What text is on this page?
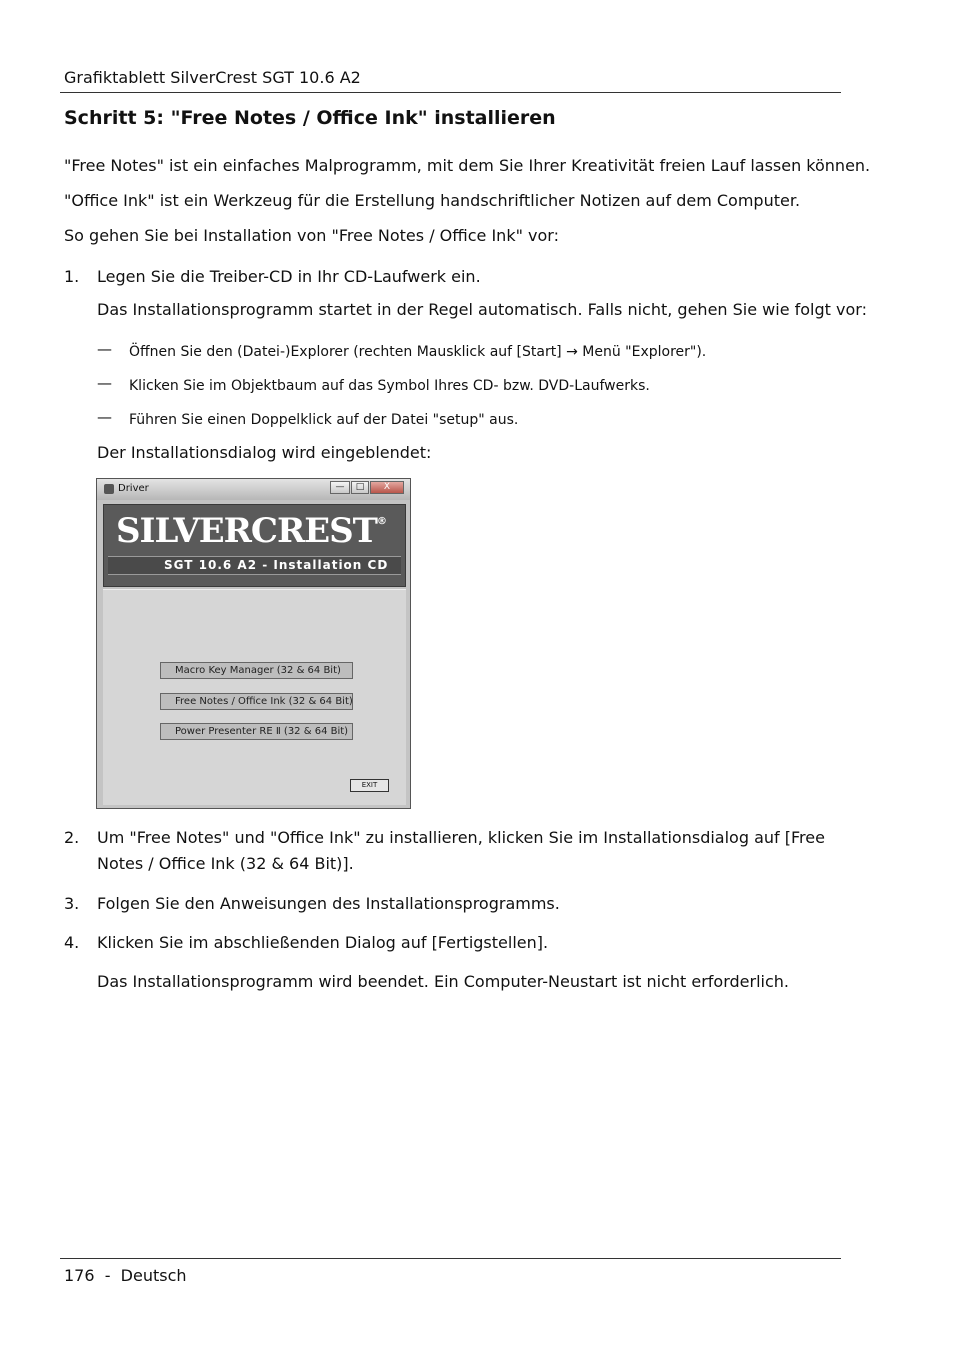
Grafiktablett SilverCrest SGT 10.6 A2
Schritt 5: "Free Notes / Office Ink" installieren
"Free Notes" ist ein einfaches Malprogramm, mit dem Sie Ihrer Kreativität freien Lauf lassen können.
"Office Ink" ist ein Werkzeug für die Erstellung handschriftlicher Notizen auf dem Computer.
So gehen Sie bei Installation von "Free Notes / Office Ink" vor:
1. Legen Sie die Treiber-CD in Ihr CD-Laufwerk ein.
Das Installationsprogramm startet in der Regel automatisch. Falls nicht, gehen Sie wie folgt vor:
— Öffnen Sie den (Datei-)Explorer (rechten Mausklick auf [Start] → Menü "Explorer").
— Klicken Sie im Objektbaum auf das Symbol Ihres CD- bzw. DVD-Laufwerks.
— Führen Sie einen Doppelklick auf der Datei "setup" aus.
Der Installationsdialog wird eingeblendet:
Driver	—	□	X
SILVERCREST®
SGT 10.6 A2 - Installation CD
Macro Key Manager (32 & 64 Bit)
Free Notes / Office Ink (32 & 64 Bit)
Power Presenter RE Ⅱ (32 & 64 Bit)
EXIT
2. Um "Free Notes" und "Office Ink" zu installieren, klicken Sie im Installationsdialog auf [Free
Notes / Office Ink (32 & 64 Bit)].
3. Folgen Sie den Anweisungen des Installationsprogramms.
4. Klicken Sie im abschließenden Dialog auf [Fertigstellen].
Das Installationsprogramm wird beendet. Ein Computer-Neustart ist nicht erforderlich.
176 - Deutsch
